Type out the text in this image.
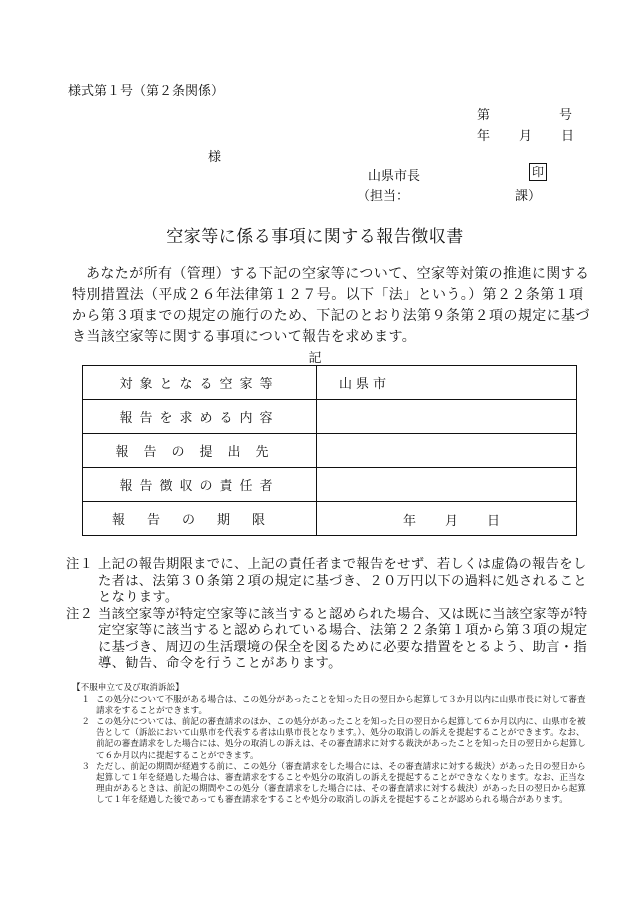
様式第１号（第２条関係）
第	号
年 月 日
様
山県市長	印
（担当：	課）
空家等に係る事項に関する報告徴収書
あなたが所有（管理）する下記の空家等について、空家等対策の推進に関する特別措置法（平成２６年法律第１２７号。以下「法」という。）第２２条第１項から第３項までの規定の施行のため、下記のとおり法第９条第２項の規定に基づき当該空家等に関する事項について報告を求めます。
記
対象となる空家等	山県市
報告を求める内容	
報告の提出先	
報告徴収の責任者	
報告の期限	年 月 日
注１ 上記の報告期限までに、上記の責任者まで報告をせず、若しくは虚偽の報告をした者は、法第３０条第２項の規定に基づき、２０万円以下の過料に処されることとなります。
注２ 当該空家等が特定空家等に該当すると認められた場合、又は既に当該空家等が特定空家等に該当すると認められている場合、法第２２条第１項から第３項の規定に基づき、周辺の生活環境の保全を図るために必要な措置をとるよう、助言・指導、勧告、命令を行うことがあります。
【不服申立て及び取消訴訟】
１ この処分について不服がある場合は、この処分があったことを知った日の翌日から起算して３か月以内に山県市長に対して審査請求をすることができます。
２ この処分については、前記の審査請求のほか、この処分があったことを知った日の翌日から起算して６か月以内に、山県市を被告として（訴訟において山県市を代表する者は山県市長となります。）、処分の取消しの訴えを提起することができます。なお、前記の審査請求をした場合には、処分の取消しの訴えは、その審査請求に対する裁決があったことを知った日の翌日から起算して６か月以内に提起することができます。
３ ただし、前記の期間が経過する前に、この処分（審査請求をした場合には、その審査請求に対する裁決）があった日の翌日から起算して１年を経過した場合は、審査請求をすることや処分の取消しの訴えを提起することができなくなります。なお、正当な理由があるときは、前記の期間やこの処分（審査請求をした場合には、その審査請求に対する裁決）があった日の翌日から起算して１年を経過した後であっても審査請求をすることや処分の取消しの訴えを提起することが認められる場合があります。
